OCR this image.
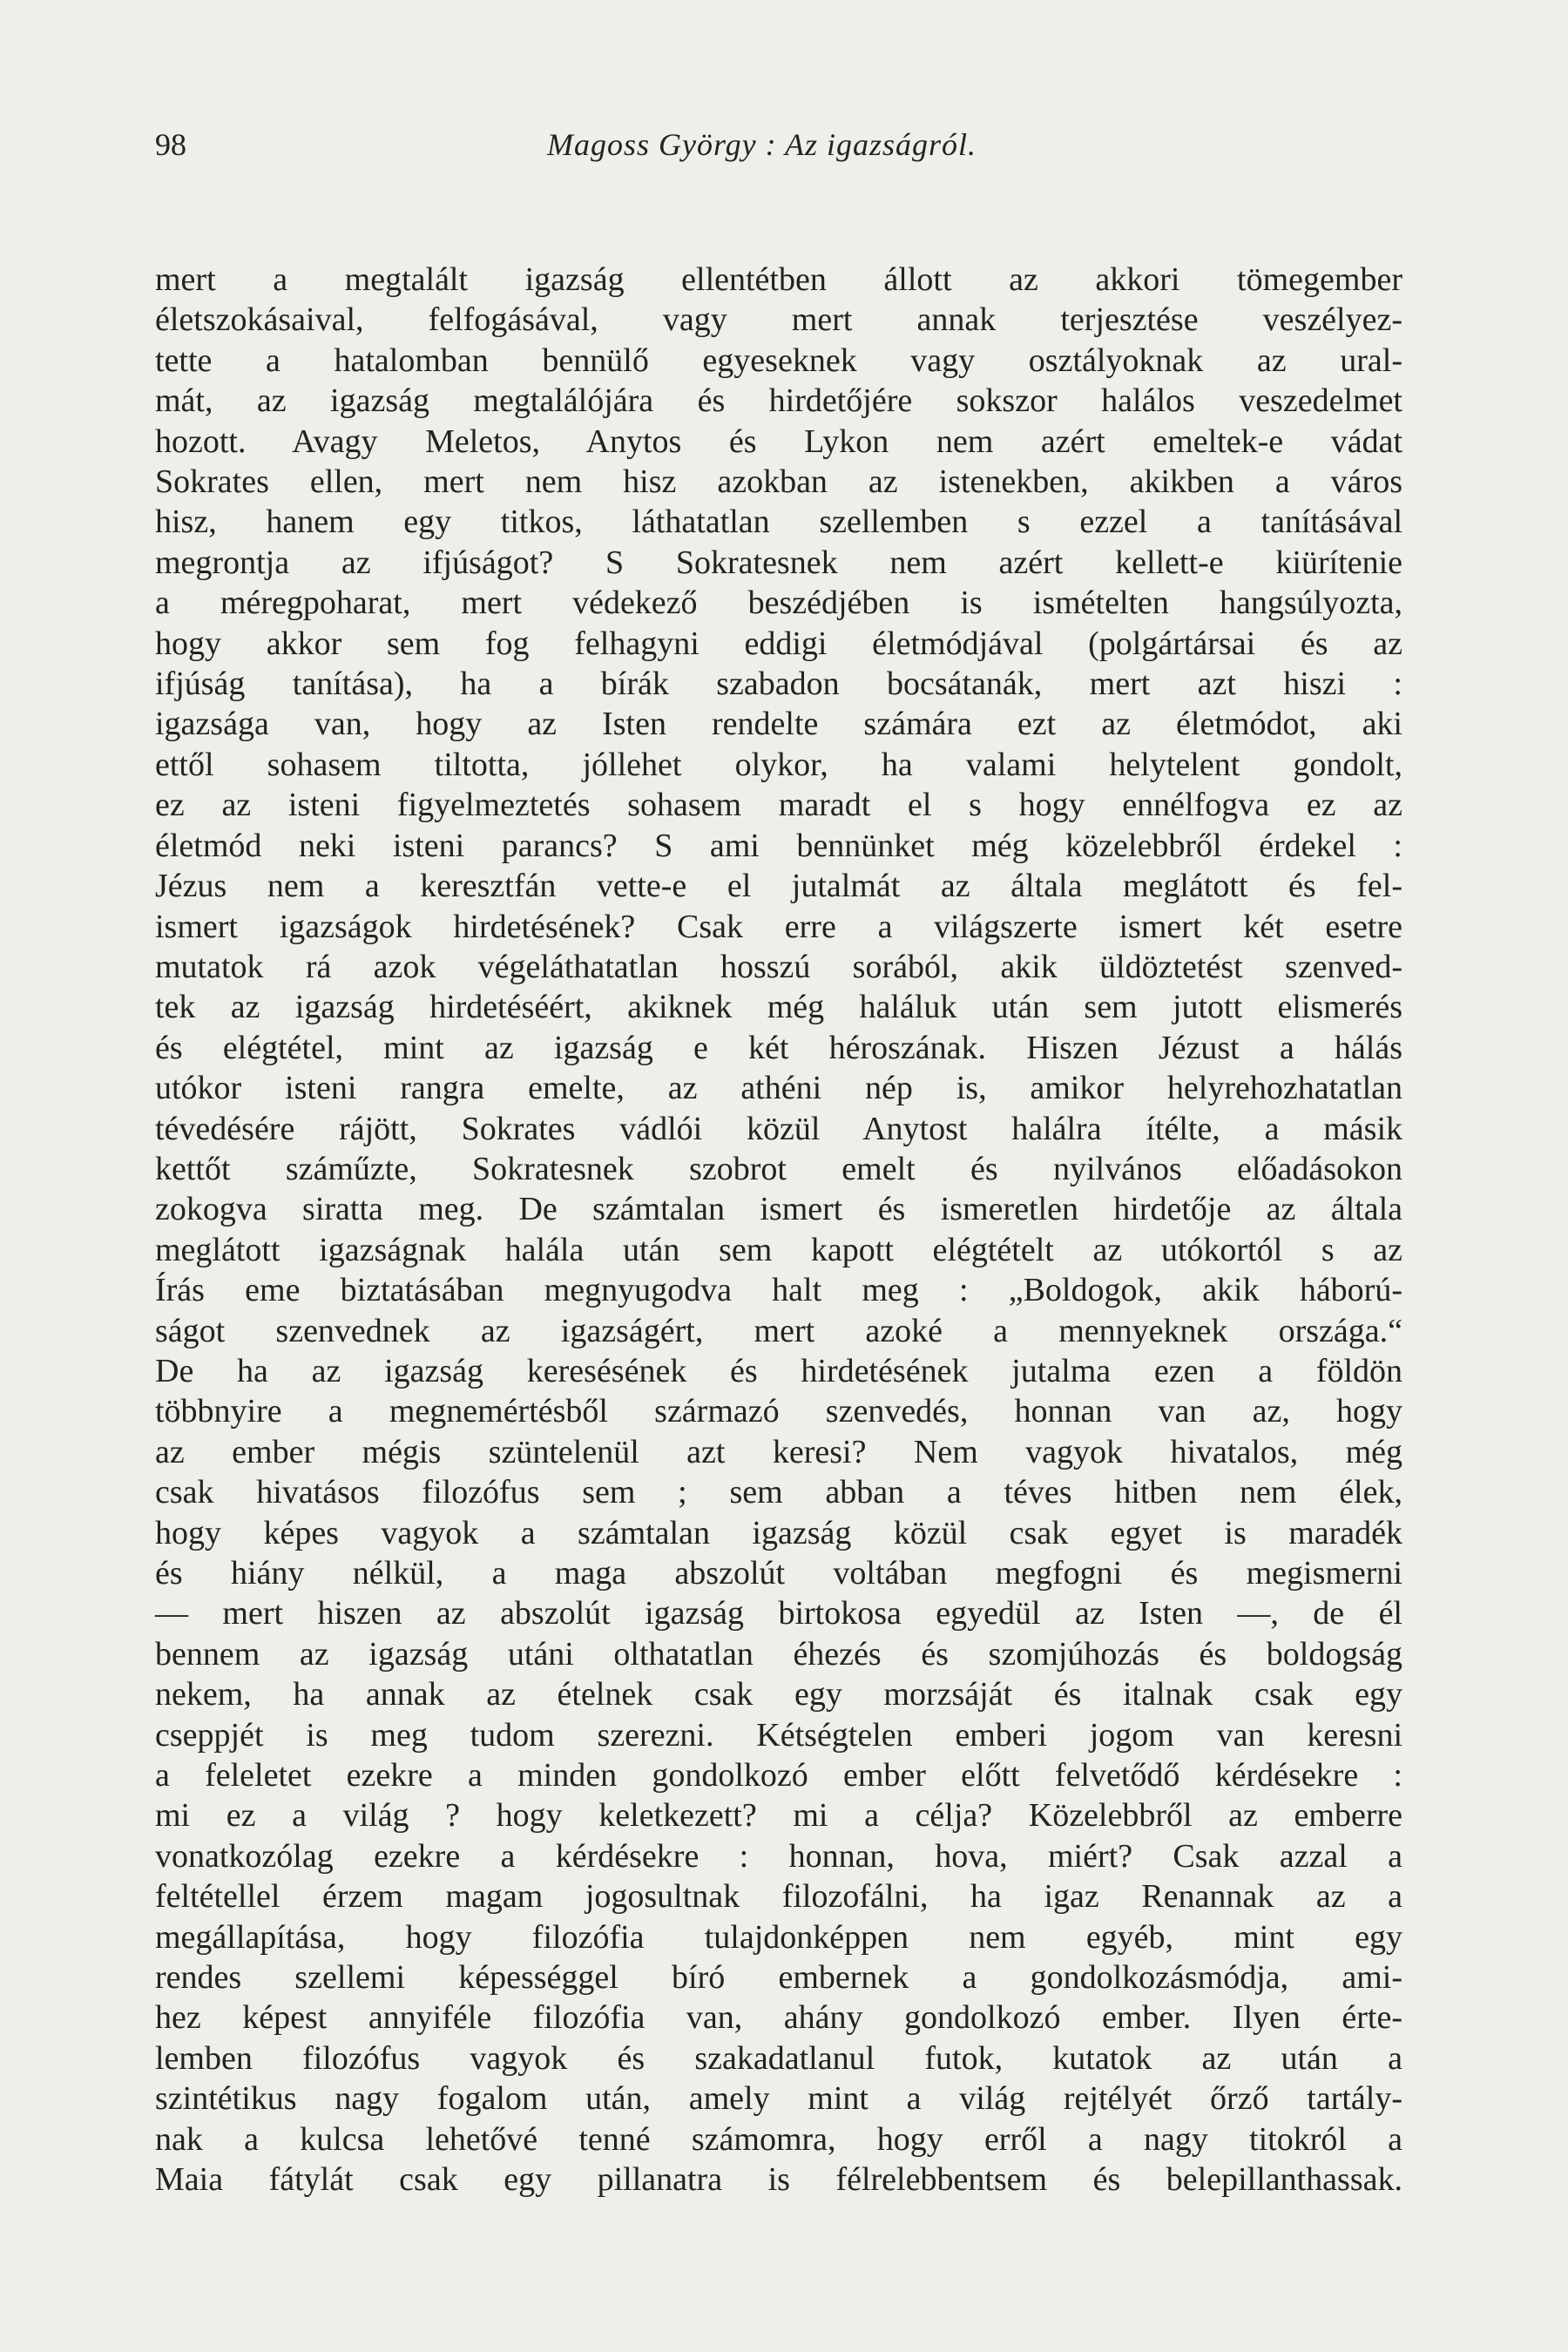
98	Magoss György : Az igazságról.
mert a megtalált igazság ellentétben állott az akkori tömegember
életszokásaival, felfogásával, vagy mert annak terjesztése veszélyez-
tette a hatalomban bennülő egyeseknek vagy osztályoknak az ural-
mát, az igazság megtalálójára és hirdetőjére sokszor halálos veszedelmet
hozott. Avagy Meletos, Anytos és Lykon nem azért emeltek-e vádat
Sokrates ellen, mert nem hisz azokban az istenekben, akikben a város
hisz, hanem egy titkos, láthatatlan szellemben s ezzel a tanításával
megrontja az ifjúságot? S Sokratesnek nem azért kellett-e kiürítenie
a méregpoharat, mert védekező beszédjében is ismételten hangsúlyozta,
hogy akkor sem fog felhagyni eddigi életmódjával (polgártársai és az
ifjúság tanítása), ha a bírák szabadon bocsátanák, mert azt hiszi :
igazsága van, hogy az Isten rendelte számára ezt az életmódot, aki
ettől sohasem tiltotta, jóllehet olykor, ha valami helytelent gondolt,
ez az isteni figyelmeztetés sohasem maradt el s hogy ennélfogva ez az
életmód neki isteni parancs? S ami bennünket még közelebbről érdekel :
Jézus nem a keresztfán vette-e el jutalmát az általa meglátott és fel-
ismert igazságok hirdetésének? Csak erre a világszerte ismert két esetre
mutatok rá azok végeláthatatlan hosszú sorából, akik üldöztetést szenved-
tek az igazság hirdetéséért, akiknek még haláluk után sem jutott elismerés
és elégtétel, mint az igazság e két héroszának. Hiszen Jézust a hálás
utókor isteni rangra emelte, az athéni nép is, amikor helyrehozhatatlan
tévedésére rájött, Sokrates vádlói közül Anytost halálra ítélte, a másik
kettőt száműzte, Sokratesnek szobrot emelt és nyilvános előadásokon
zokogva siratta meg. De számtalan ismert és ismeretlen hirdetője az általa
meglátott igazságnak halála után sem kapott elégtételt az utókortól s az
Írás eme biztatásában megnyugodva halt meg : „Boldogok, akik háború-
ságot szenvednek az igazságért, mert azoké a mennyeknek országa.“
De ha az igazság keresésének és hirdetésének jutalma ezen a földön
többnyire a megnemértésből származó szenvedés, honnan van az, hogy
az ember mégis szüntelenül azt keresi? Nem vagyok hivatalos, még
csak hivatásos filozófus sem ; sem abban a téves hitben nem élek,
hogy képes vagyok a számtalan igazság közül csak egyet is maradék
és hiány nélkül, a maga abszolút voltában megfogni és megismerni
— mert hiszen az abszolút igazság birtokosa egyedül az Isten —, de él
bennem az igazság utáni olthatatlan éhezés és szomjúhozás és boldogság
nekem, ha annak az ételnek csak egy morzsáját és italnak csak egy
cseppjét is meg tudom szerezni. Kétségtelen emberi jogom van keresni
a feleletet ezekre a minden gondolkozó ember előtt felvetődő kérdésekre :
mi ez a világ ? hogy keletkezett? mi a célja? Közelebbről az emberre
vonatkozólag ezekre a kérdésekre : honnan, hova, miért? Csak azzal a
feltétellel érzem magam jogosultnak filozofálni, ha igaz Renannak az a
megállapítása, hogy filozófia tulajdonképpen nem egyéb, mint egy
rendes szellemi képességgel bíró embernek a gondolkozásmódja, ami-
hez képest annyiféle filozófia van, ahány gondolkozó ember. Ilyen érte-
lemben filozófus vagyok és szakadatlanul futok, kutatok az után a
szintétikus nagy fogalom után, amely mint a világ rejtélyét őrző tartály-
nak a kulcsa lehetővé tenné számomra, hogy erről a nagy titokról a
Maia fátylát csak egy pillanatra is félrelebbentsem és belepillanthassak.
